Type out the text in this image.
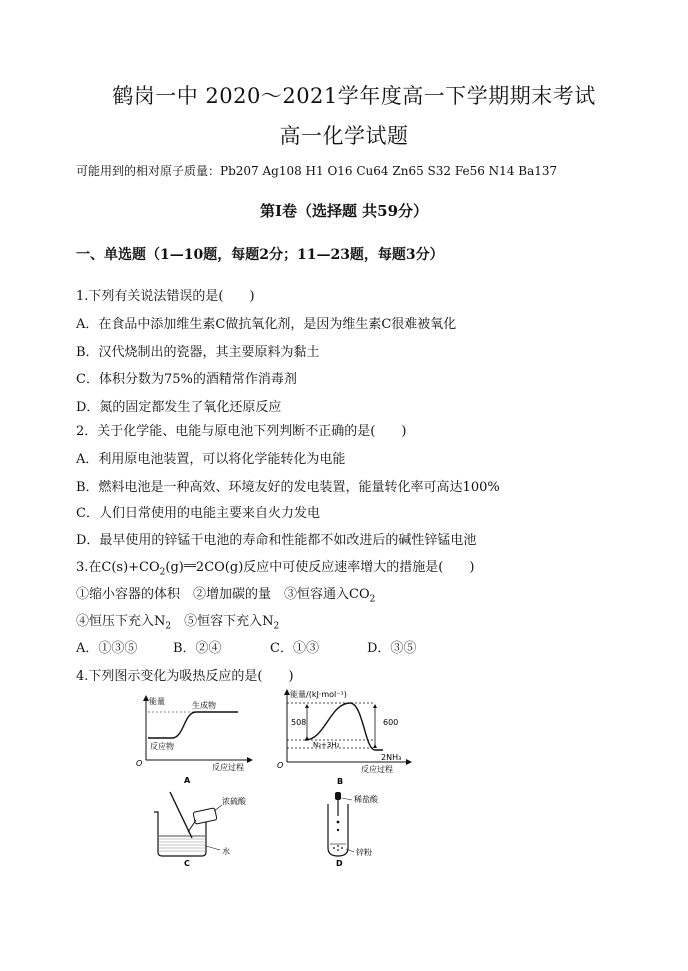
鹤岗一中 2020～2021学年度高一下学期期末考试
高一化学试题
可能用到的相对原子质量：Pb207 Ag108 H1 O16 Cu64 Zn65 S32 Fe56 N14 Ba137
第Ⅰ卷（选择题 共59分）
一、单选题（1—10题，每题2分；11—23题，每题3分）
1.下列有关说法错误的是(　　)
A．在食品中添加维生素C做抗氧化剂，是因为维生素C很难被氧化
B．汉代烧制出的瓷器，其主要原料为黏土
C．体积分数为75%的酒精常作消毒剂
D．氮的固定都发生了氧化还原反应
2．关于化学能、电能与原电池下列判断不正确的是(　　)
A．利用原电池装置，可以将化学能转化为电能
B．燃料电池是一种高效、环境友好的发电装置，能量转化率可高达100%
C．人们日常使用的电能主要来自火力发电
D．最早使用的锌锰干电池的寿命和性能都不如改进后的碱性锌锰电池
3.在$C(s)+CO_2(g)══2CO(g)$反应中可使反应速率增大的措施是(　　)
①缩小容器的体积　②增加碳的量　③恒容通入$CO_2$
④恒压下充入$N_2$　⑤恒容下充入$N_2$
A．①③⑤	B．②④	C．①③	D．③⑤
4.下列图示变化为吸热反应的是(　　)
能量	生成物
反应物
O	反应过程
A
能量/(kJ·mol⁻¹)
508	600
N₂+3H₂
2NH₃
O	反应过程
B
浓硫酸
水
C
稀盐酸
锌粉
D
